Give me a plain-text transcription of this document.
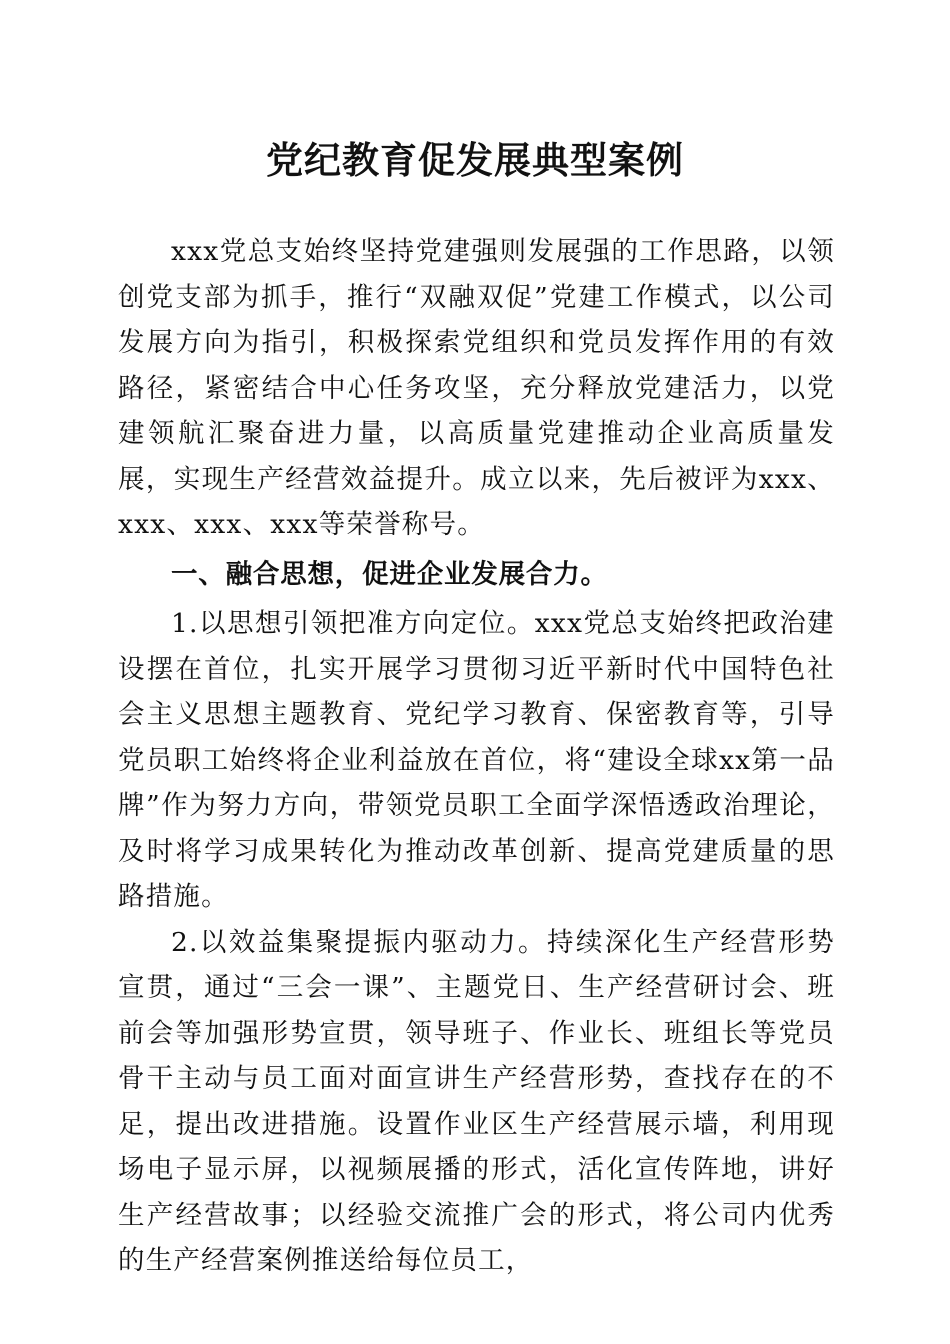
党纪教育促发展典型案例

xxx党总支始终坚持党建强则发展强的工作思路，以领创党支部为抓手，推行“双融双促”党建工作模式，以公司发展方向为指引，积极探索党组织和党员发挥作用的有效路径，紧密结合中心任务攻坚，充分释放党建活力，以党建领航汇聚奋进力量，以高质量党建推动企业高质量发展，实现生产经营效益提升。成立以来，先后被评为xxx、xxx、xxx、xxx等荣誉称号。

一、融合思想，促进企业发展合力。

1.以思想引领把准方向定位。xxx党总支始终把政治建设摆在首位，扎实开展学习贯彻习近平新时代中国特色社会主义思想主题教育、党纪学习教育、保密教育等，引导党员职工始终将企业利益放在首位，将“建设全球xx第一品牌”作为努力方向，带领党员职工全面学深悟透政治理论，及时将学习成果转化为推动改革创新、提高党建质量的思路措施。

2.以效益集聚提振内驱动力。持续深化生产经营形势宣贯，通过“三会一课”、主题党日、生产经营研讨会、班前会等加强形势宣贯，领导班子、作业长、班组长等党员骨干主动与员工面对面宣讲生产经营形势，查找存在的不足，提出改进措施。设置作业区生产经营展示墙，利用现场电子显示屏，以视频展播的形式，活化宣传阵地，讲好生产经营故事；以经验交流推广会的形式，将公司内优秀的生产经营案例推送给每位员工，
